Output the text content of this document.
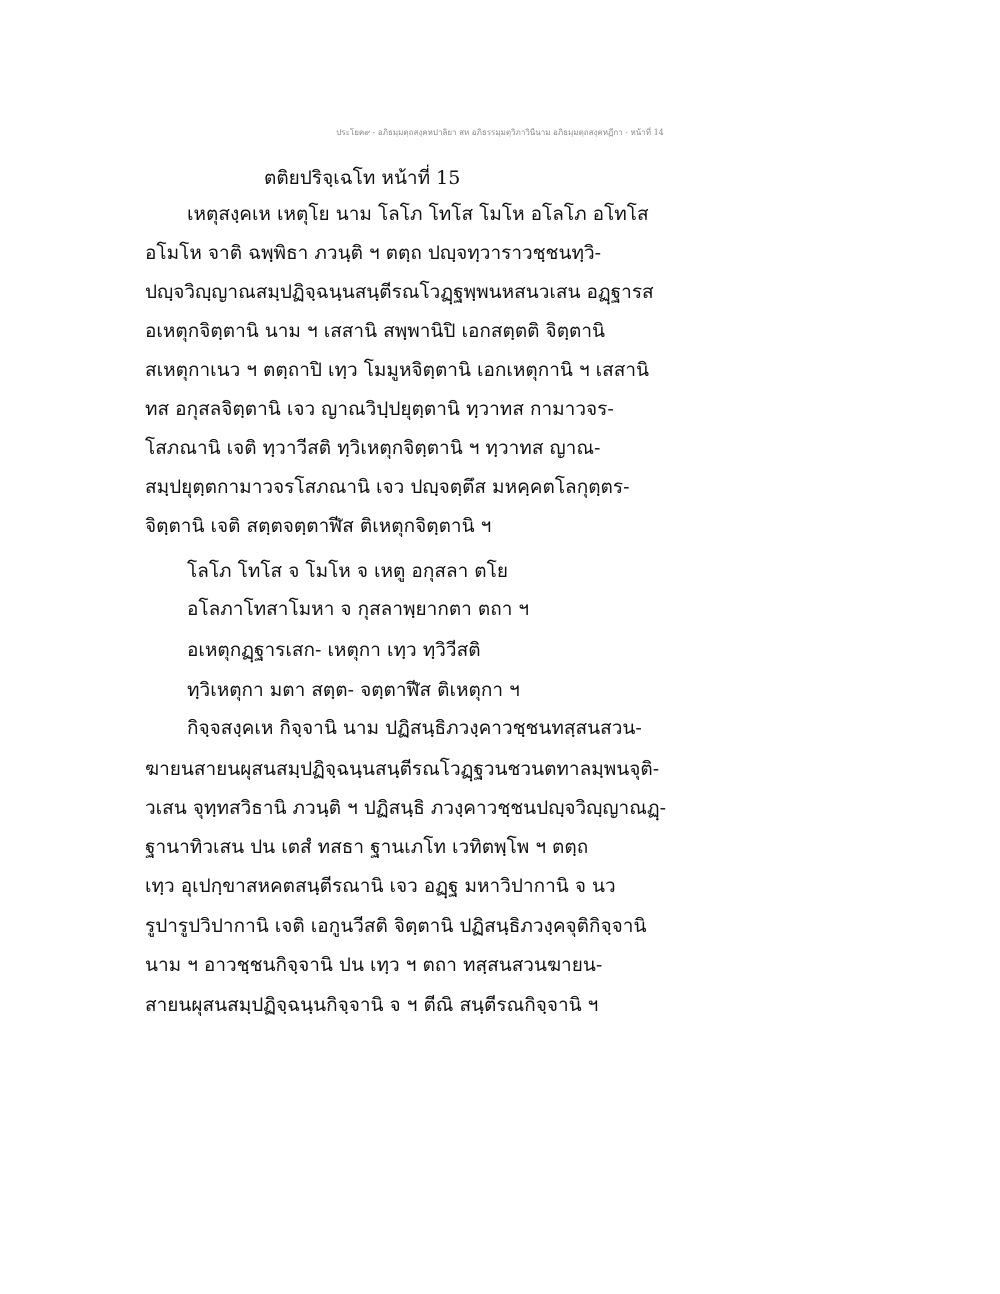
ประโยค๙ - อภิธมฺมตฺถสงฺคหปาลิยา สห อภิธรรมฺมตฺวิภาวินีนาม อภิธมฺมตฺถสงฺคหฏีกา - หน้าที่ 14
ตติยปริจฺเฉโท หน้าที่ 15
เหตุสงฺคเห เหตุโย นาม โลโภ โทโส โมโห อโลโภ อโทโส
อโมโห จาติ ฉพฺพิธา ภวนฺติ ฯ ตตฺถ ปญฺจทฺวาราวชฺชนทฺวิ-
ปญฺจวิญฺญาณสมฺปฏิจฺฉนฺนสนฺตีรณโวฏฺฐพฺพนหสนวเสน อฏฺฐารส
อเหตุกจิตฺตานิ นาม ฯ เสสานิ สพฺพานิปิ เอกสตฺตติ จิตฺตานิ
สเหตุกาเนว ฯ ตตฺถาปิ เทฺว โมมูหจิตฺตานิ เอกเหตุกานิ ฯ เสสานิ
ทส อกุสลจิตฺตานิ เจว ญาณวิปฺปยุตฺตานิ ทฺวาทส กามาวจร-
โสภณานิ เจติ ทฺวาวีสติ ทฺวิเหตุกจิตฺตานิ ฯ ทฺวาทส ญาณ-
สมฺปยุตฺตกามาวจรโสภณานิ เจว ปญฺจตฺตึส มหคฺคตโลกุตฺตร-
จิตฺตานิ เจติ สตฺตจตฺตาฬีส ติเหตุกจิตฺตานิ ฯ
โลโภ โทโส จ โมโห จ เหตู อกุสลา ตโย
อโลภาโทสาโมหา จ กุสลาพฺยากตา ตถา ฯ
อเหตุกฏฺฐารเสก- เหตุกา เทฺว ทฺวิวีสติ
ทฺวิเหตุกา มตา สตฺต- จตฺตาฬีส ติเหตุกา ฯ
กิจฺจสงฺคเห กิจฺจานิ นาม ปฏิสนฺธิภวงฺคาวชฺชนทสฺสนสวน-
ฆายนสายนผุสนสมฺปฏิจฺฉนฺนสนฺตีรณโวฏฺฐวนชวนตทาลมฺพนจุติ-
วเสน จุทฺทสวิธานิ ภวนฺติ ฯ ปฏิสนฺธิ ภวงฺคาวชฺชนปญฺจวิญฺญาณฏฺ-
ฐานาทิวเสน ปน เตสํ ทสธา ฐานเภโท เวทิตพฺโพ ฯ ตตฺถ
เทฺว อุเปกฺขาสหคตสนฺตีรณานิ เจว อฏฺฐ มหาวิปากานิ จ นว
รูปารูปวิปากานิ เจติ เอกูนวีสติ จิตฺตานิ ปฏิสนฺธิภวงฺคจุติกิจฺจานิ
นาม ฯ อาวชฺชนกิจฺจานิ ปน เทฺว ฯ ตถา ทสฺสนสวนฆายน-
สายนผุสนสมฺปฏิจฺฉนฺนกิจฺจานิ จ ฯ ตีณิ สนฺตีรณกิจฺจานิ ฯ
